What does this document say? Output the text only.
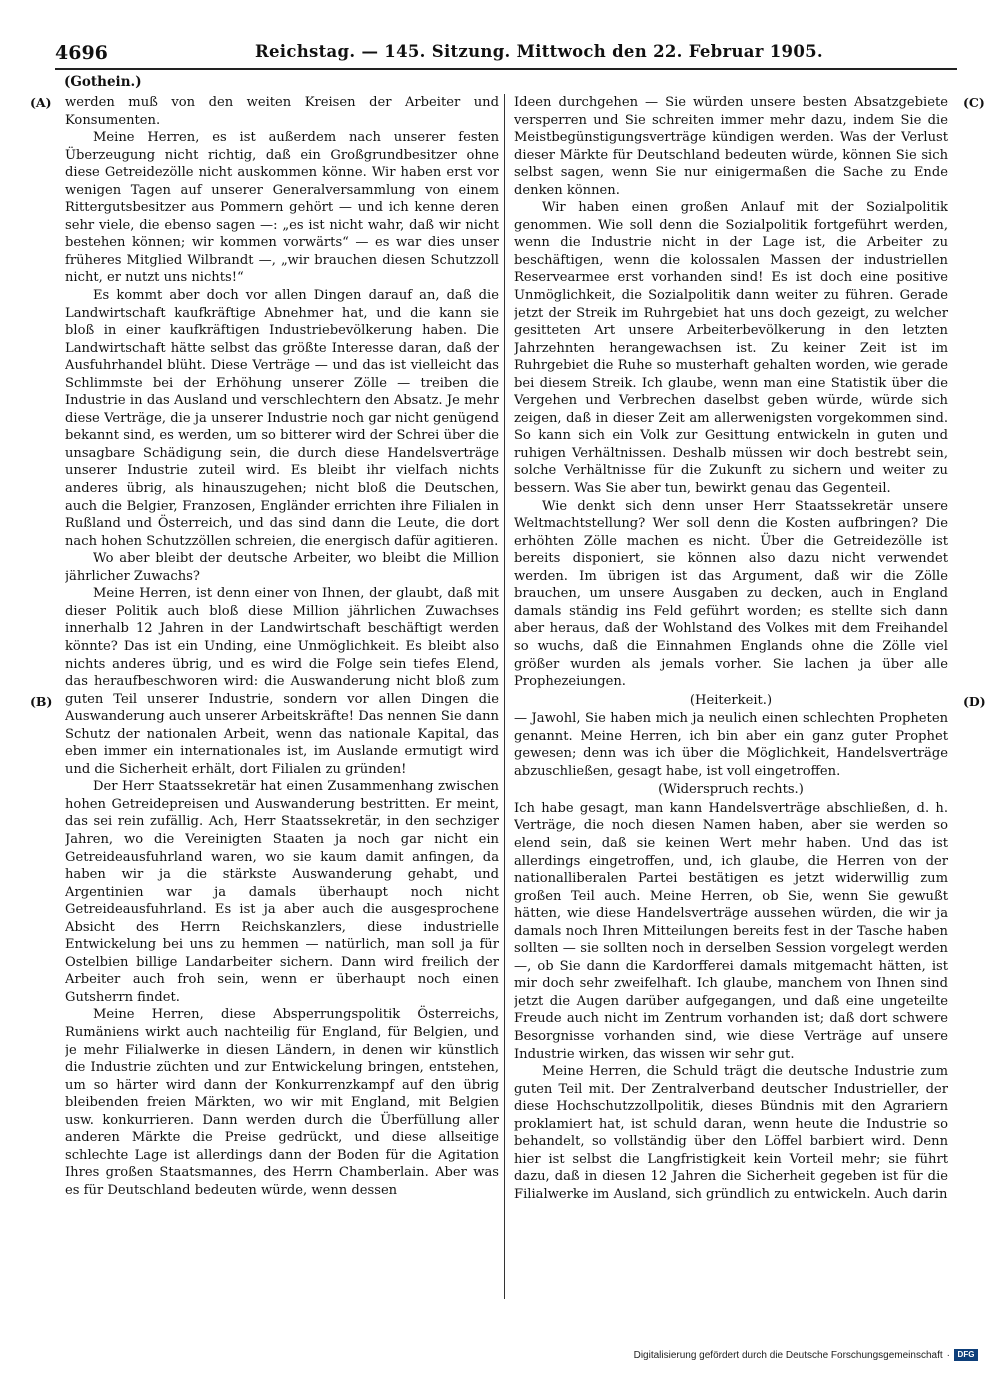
4696	Reichstag. — 145. Sitzung. Mittwoch den 22. Februar 1905.
(Gothein.)
(A)
(B)
(C)
(D)

werden muß von den weiten Kreisen der Arbeiter und Konsumenten.

Meine Herren, es ist außerdem nach unserer festen Überzeugung nicht richtig, daß ein Großgrundbesitzer ohne diese Getreidezölle nicht auskommen könne. Wir haben erst vor wenigen Tagen auf unserer Generalversammlung von einem Rittergutsbesitzer aus Pommern gehört — und ich kenne deren sehr viele, die ebenso sagen —: „es ist nicht wahr, daß wir nicht bestehen können; wir kommen vorwärts“ — es war dies unser früheres Mitglied Wilbrandt —, „wir brauchen diesen Schutzzoll nicht, er nutzt uns nichts!“

Es kommt aber doch vor allen Dingen darauf an, daß die Landwirtschaft kaufkräftige Abnehmer hat, und die kann sie bloß in einer kaufkräftigen Industriebevölkerung haben. Die Landwirtschaft hätte selbst das größte Interesse daran, daß der Ausfuhrhandel blüht. Diese Verträge — und das ist vielleicht das Schlimmste bei der Erhöhung unserer Zölle — treiben die Industrie in das Ausland und verschlechtern den Absatz. Je mehr diese Verträge, die ja unserer Industrie noch gar nicht genügend bekannt sind, es werden, um so bitterer wird der Schrei über die unsagbare Schädigung sein, die durch diese Handelsverträge unserer Industrie zuteil wird. Es bleibt ihr vielfach nichts anderes übrig, als hinauszugehen; nicht bloß die Deutschen, auch die Belgier, Franzosen, Engländer errichten ihre Filialen in Rußland und Österreich, und das sind dann die Leute, die dort nach hohen Schutzzöllen schreien, die energisch dafür agitieren.

Wo aber bleibt der deutsche Arbeiter, wo bleibt die Million jährlicher Zuwachs?

Meine Herren, ist denn einer von Ihnen, der glaubt, daß mit dieser Politik auch bloß diese Million jährlichen Zuwachses innerhalb 12 Jahren in der Landwirtschaft beschäftigt werden könnte? Das ist ein Unding, eine Unmöglichkeit. Es bleibt also nichts anderes übrig, und es wird die Folge sein tiefes Elend, das heraufbeschworen wird: die Auswanderung nicht bloß zum guten Teil unserer Industrie, sondern vor allen Dingen die Auswanderung auch unserer Arbeitskräfte! Das nennen Sie dann Schutz der nationalen Arbeit, wenn das nationale Kapital, das eben immer ein internationales ist, im Auslande ermutigt wird und die Sicherheit erhält, dort Filialen zu gründen!

Der Herr Staatssekretär hat einen Zusammenhang zwischen hohen Getreidepreisen und Auswanderung bestritten. Er meint, das sei rein zufällig. Ach, Herr Staatssekretär, in den sechziger Jahren, wo die Vereinigten Staaten ja noch gar nicht ein Getreideausfuhrland waren, wo sie kaum damit anfingen, da haben wir ja die stärkste Auswanderung gehabt, und Argentinien war ja damals überhaupt noch nicht Getreideausfuhrland. Es ist ja aber auch die ausgesprochene Absicht des Herrn Reichskanzlers, diese industrielle Entwickelung bei uns zu hemmen — natürlich, man soll ja für Ostelbien billige Landarbeiter sichern. Dann wird freilich der Arbeiter auch froh sein, wenn er überhaupt noch einen Gutsherrn findet.

Meine Herren, diese Absperrungspolitik Österreichs, Rumäniens wirkt auch nachteilig für England, für Belgien, und je mehr Filialwerke in diesen Ländern, in denen wir künstlich die Industrie züchten und zur Entwickelung bringen, entstehen, um so härter wird dann der Konkurrenzkampf auf den übrig bleibenden freien Märkten, wo wir mit England, mit Belgien usw. konkurrieren. Dann werden durch die Überfüllung aller anderen Märkte die Preise gedrückt, und diese allseitige schlechte Lage ist allerdings dann der Boden für die Agitation Ihres großen Staatsmannes, des Herrn Chamberlain. Aber was es für Deutschland bedeuten würde, wenn dessen

Ideen durchgehen — Sie würden unsere besten Absatzgebiete versperren und Sie schreiten immer mehr dazu, indem Sie die Meistbegünstigungsverträge kündigen werden. Was der Verlust dieser Märkte für Deutschland bedeuten würde, können Sie sich selbst sagen, wenn Sie nur einigermaßen die Sache zu Ende denken können.

Wir haben einen großen Anlauf mit der Sozialpolitik genommen. Wie soll denn die Sozialpolitik fortgeführt werden, wenn die Industrie nicht in der Lage ist, die Arbeiter zu beschäftigen, wenn die kolossalen Massen der industriellen Reservearmee erst vorhanden sind! Es ist doch eine positive Unmöglichkeit, die Sozialpolitik dann weiter zu führen. Gerade jetzt der Streik im Ruhrgebiet hat uns doch gezeigt, zu welcher gesitteten Art unsere Arbeiterbevölkerung in den letzten Jahrzehnten herangewachsen ist. Zu keiner Zeit ist im Ruhrgebiet die Ruhe so musterhaft gehalten worden, wie gerade bei diesem Streik. Ich glaube, wenn man eine Statistik über die Vergehen und Verbrechen daselbst geben würde, würde sich zeigen, daß in dieser Zeit am allerwenigsten vorgekommen sind. So kann sich ein Volk zur Gesittung entwickeln in guten und ruhigen Verhältnissen. Deshalb müssen wir doch bestrebt sein, solche Verhältnisse für die Zukunft zu sichern und weiter zu bessern. Was Sie aber tun, bewirkt genau das Gegenteil.

Wie denkt sich denn unser Herr Staatssekretär unsere Weltmachtstellung? Wer soll denn die Kosten aufbringen? Die erhöhten Zölle machen es nicht. Über die Getreidezölle ist bereits disponiert, sie können also dazu nicht verwendet werden. Im übrigen ist das Argument, daß wir die Zölle brauchen, um unsere Ausgaben zu decken, auch in England damals ständig ins Feld geführt worden; es stellte sich dann aber heraus, daß der Wohlstand des Volkes mit dem Freihandel so wuchs, daß die Einnahmen Englands ohne die Zölle viel größer wurden als jemals vorher. Sie lachen ja über alle Prophezeiungen.

(Heiterkeit.)

— Jawohl, Sie haben mich ja neulich einen schlechten Propheten genannt. Meine Herren, ich bin aber ein ganz guter Prophet gewesen; denn was ich über die Möglichkeit, Handelsverträge abzuschließen, gesagt habe, ist voll eingetroffen.

(Widerspruch rechts.)

Ich habe gesagt, man kann Handelsverträge abschließen, d. h. Verträge, die noch diesen Namen haben, aber sie werden so elend sein, daß sie keinen Wert mehr haben. Und das ist allerdings eingetroffen, und, ich glaube, die Herren von der nationalliberalen Partei bestätigen es jetzt widerwillig zum großen Teil auch. Meine Herren, ob Sie, wenn Sie gewußt hätten, wie diese Handelsverträge aussehen würden, die wir ja damals noch Ihren Mitteilungen bereits fest in der Tasche haben sollten — sie sollten noch in derselben Session vorgelegt werden —, ob Sie dann die Kardorfferei damals mitgemacht hätten, ist mir doch sehr zweifelhaft. Ich glaube, manchem von Ihnen sind jetzt die Augen darüber aufgegangen, und daß eine ungeteilte Freude auch nicht im Zentrum vorhanden ist; daß dort schwere Besorgnisse vorhanden sind, wie diese Verträge auf unsere Industrie wirken, das wissen wir sehr gut.

Meine Herren, die Schuld trägt die deutsche Industrie zum guten Teil mit. Der Zentralverband deutscher Industrieller, der diese Hochschutzzollpolitik, dieses Bündnis mit den Agrariern proklamiert hat, ist schuld daran, wenn heute die Industrie so behandelt, so vollständig über den Löffel barbiert wird. Denn hier ist selbst die Langfristigkeit kein Vorteil mehr; sie führt dazu, daß in diesen 12 Jahren die Sicherheit gegeben ist für die Filialwerke im Ausland, sich gründlich zu entwickeln. Auch darin

Digitalisierung gefördert durch die Deutsche Forschungsgemeinschaft · DFG
